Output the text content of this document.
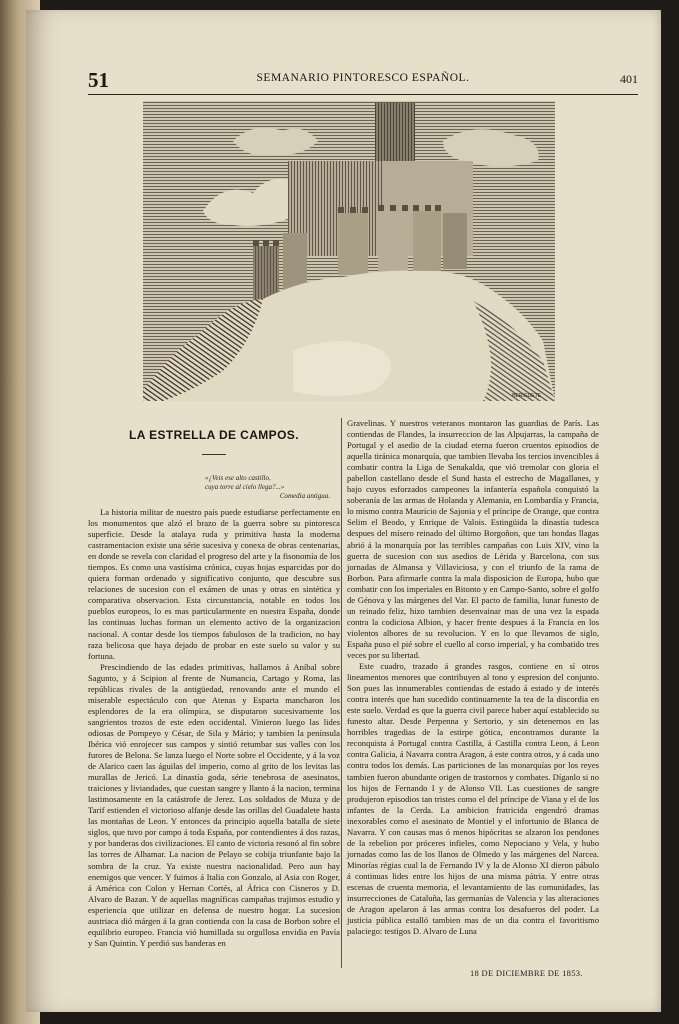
51	SEMANARIO PINTORESCO ESPAÑOL.	401
BERIGUETE
LA ESTRELLA DE CAMPOS.
«¿Veis ese alto castillo,
cuya torre al cielo llega?...»

Comedia antigua.

La historia militar de nuestro país puede estudiarse perfectamente en los monumentos que alzó el brazo de la guerra sobre su pintoresca superficie. Desde la atalaya ruda y primitiva hasta la moderna castramentacion existe una série sucesiva y conexa de obras centenarias, en donde se revela con claridad el progreso del arte y la fisonomía de los tiempos. Es como una vastísima crónica, cuyas hojas esparcidas por do quiera forman ordenado y significativo conjunto, que descubre sus relaciones de sucesion con el exámen de unas y otras en sintética y comparativa observacion. Esta circunstancia, notable en todos los pueblos europeos, lo es mas particularmente en nuestra España, donde las continuas luchas forman un elemento activo de la organizacion nacional. A contar desde los tiempos fabulosos de la tradicion, no hay raza belicosa que haya dejado de probar en este suelo su valor y su fortuna.

Prescindiendo de las edades primitivas, hallamos á Aníbal sobre Sagunto, y á Scipion al frente de Numancia, Cartago y Roma, las repúblicas rivales de la antigüedad, renovando ante el mundo el miserable espectáculo con que Atenas y Esparta mancharon los esplendores de la era olímpica, se disputaron sucesivamente los sangrientos trozos de este eden occidental. Vinieron luego las lides odiosas de Pompeyo y César, de Sila y Mário; y tambien la península Ibérica vió enrojecer sus campos y sintió retumbar sus valles con los furores de Belona. Se lanza luego el Norte sobre el Occidente, y á la voz de Alarico caen las águilas del imperio, como al grito de los levitas las murallas de Jericó. La dinastía goda, série tenebrosa de asesinatos, traiciones y liviandades, que cuestan sangre y llanto á la nacion, termina lastimosamente en la catástrofe de Jerez. Los soldados de Muza y de Tarif estienden el victorioso alfanje desde las orillas del Guadalete hasta las montañas de Leon. Y entonces da principio aquella batalla de siete siglos, que tuvo por campo á toda España, por contendientes á dos razas, y por banderas dos civilizaciones. El canto de victoria resonó al fin sobre las torres de Alhamar. La nacion de Pelayo se cobija triunfante bajo la sombra de la cruz. Ya existe nuestra nacionalidad. Pero aun hay enemigos que vencer. Y fuimos á Italia con Gonzalo, al Asia con Roger, á América con Colon y Hernan Cortés, al África con Cisneros y D. Alvaro de Bazan. Y de aquellas magníficas campañas trajimos estudio y esperiencia que utilizar en defensa de nuestro hogar. La sucesion austriaca dió márgen á la gran contienda con la casa de Borbon sobre el equilibrio europeo. Francia vió humillada su orgullosa envidia en Pavía y San Quintin. Y perdió sus banderas en

Gravelinas. Y nuestros veteranos montaron las guardias de París. Las contiendas de Flandes, la insurreccion de las Alpujarras, la campaña de Portugal y el asedio de la ciudad eterna fueron cruentos episodios de aquella tiránica monarquía, que tambien llevaba los tercios invencibles á combatir contra la Liga de Senakalda, que vió tremolar con gloria el pabellon castellano desde el Sund hasta el estrecho de Magallanes, y bajo cuyos esforzados campeones la infantería española conquistó la soberanía de las armas de Holanda y Alemania, en Lombardía y Francia, lo mismo contra Mauricio de Sajonia y el príncipe de Orange, que contra Selim el Beodo, y Enrique de Valois. Estingüida la dinastía tudesca despues del mísero reinado del último Borgoñon, que tan hondas llagas abrió á la monarquía por las terribles campañas con Luis XIV, vino la guerra de sucesion con sus asedios de Lérida y Barcelona, con sus jornadas de Almansa y Villaviciosa, y con el triunfo de la rama de Borbon. Para afirmarle contra la mala disposicion de Europa, hubo que combatir con los imperiales en Bitonto y en Campo-Santo, sobre el golfo de Génova y las márgenes del Var. El pacto de familia, lunar funesto de un reinado feliz, hizo tambien desenvainar mas de una vez la espada contra la codiciosa Albion, y hacer frente despues á la Francia en los violentos albores de su revolucion. Y en lo que llevamos de siglo, España puso el pié sobre el cuello al corso imperial, y ha combatido tres veces por su libertad.

Este cuadro, trazado á grandes rasgos, contiene en sí otros lineamentos menores que contribuyen al tono y espresion del conjunto. Son pues las innumerables contiendas de estado á estado y de interés contra interés que han sucedido continuamente la tea de la discordia en este suelo. Verdad es que la guerra civil parece haber aquí establecido su funesto altar. Desde Perpenna y Sertorio, y sin detenernos en las horribles tragedias de la estirpe gótica, encontramos durante la reconquista á Portugal contra Castilla, á Castilla contra Leon, á Leon contra Galicia, á Navarra contra Aragon, á este contra otros, y á cada uno contra todos los demás. Las particiones de las monarquías por los reyes tambien fueron abundante origen de trastornos y combates. Díganlo si no los hijos de Fernando I y de Alonso VII. Las cuestiones de sangre produjeron episodios tan tristes como el del príncipe de Viana y el de los infantes de la Cerda. La ambicion fratricida engendró dramas inexorables como el asesinato de Montiel y el infortunio de Blanca de Navarra. Y con causas mas ó menos hipócritas se alzaron los pendones de la rebelion por próceres infieles, como Nepociano y Vela, y hubo jornadas como las de los llanos de Olmedo y las márgenes del Narcea. Minorías régias cual la de Fernando IV y la de Alonso XI dieron pábulo á continuas lides entre los hijos de una misma pátria. Y entre otras escenas de cruenta memoria, el levantamiento de las comunidades, las insurrecciones de Cataluña, las germanías de Valencia y las alteraciones de Aragon apelaron á las armas contra los desafueros del poder. La justicia pública estalló tambien mas de un dia contra el favoritismo palaciego: testigos D. Alvaro de Luna

18 DE DICIEMBRE DE 1853.
